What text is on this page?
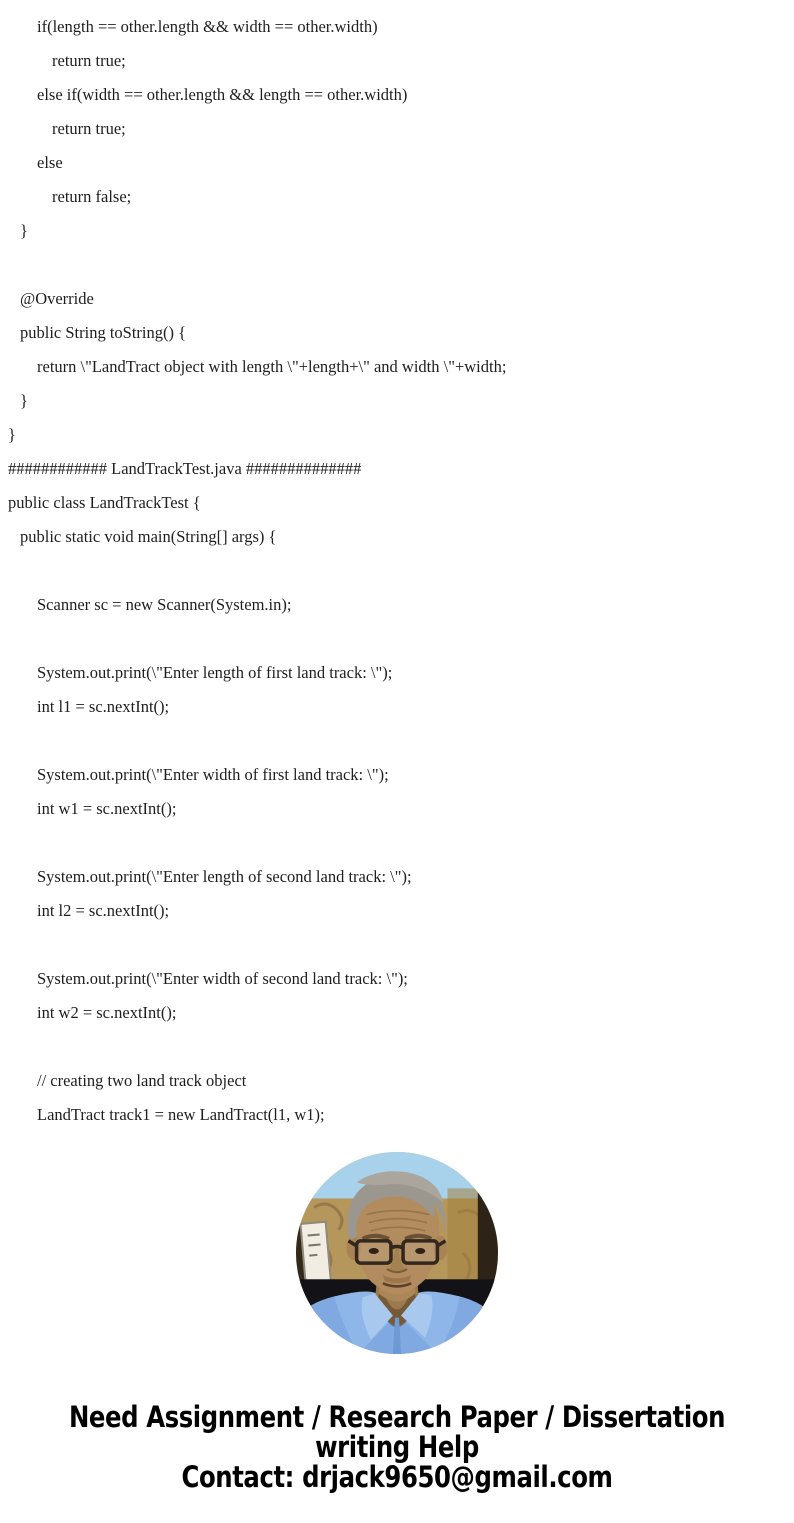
if(length == other.length && width == other.width)
return true;
else if(width == other.length && length == other.width)
return true;
else
return false;
}

@Override
public String toString() {
return \"LandTract object with length \"+length+\" and width \"+width;
}
}
############ LandTrackTest.java ##############
public class LandTrackTest {
public static void main(String[] args) {

Scanner sc = new Scanner(System.in);

System.out.print(\"Enter length of first land track: \");
int l1 = sc.nextInt();

System.out.print(\"Enter width of first land track: \");
int w1 = sc.nextInt();

System.out.print(\"Enter length of second land track: \");
int l2 = sc.nextInt();

System.out.print(\"Enter width of second land track: \");
int w2 = sc.nextInt();

// creating two land track object
LandTract track1 = new LandTract(l1, w1);
Need Assignment / Research Paper / Dissertation
writing Help
Contact: drjack9650@gmail.com
